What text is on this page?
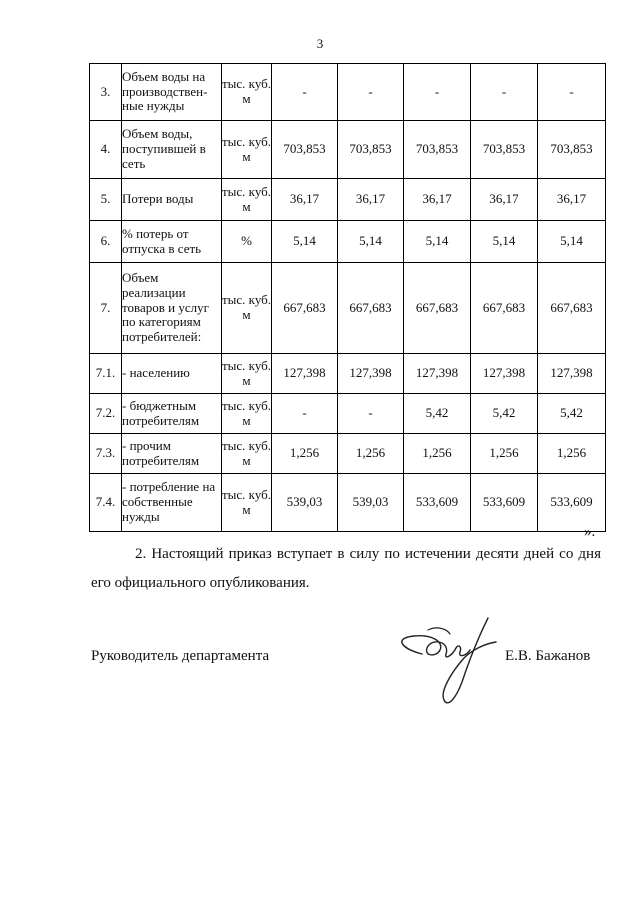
3
3.	Объем воды на производствен-ные нужды	тыс. куб. м	-	-	-	-	-
4.	Объем воды, поступившей в сеть	тыс. куб. м	703,853	703,853	703,853	703,853	703,853
5.	Потери воды	тыс. куб. м	36,17	36,17	36,17	36,17	36,17
6.	% потерь от отпуска в сеть	%	5,14	5,14	5,14	5,14	5,14
7.	Объем реализации товаров и услуг по категориям потребителей:	тыс. куб. м	667,683	667,683	667,683	667,683	667,683
7.1.	- населению	тыс. куб. м	127,398	127,398	127,398	127,398	127,398
7.2.	- бюджетным потребителям	тыс. куб. м	-	-	5,42	5,42	5,42
7.3.	- прочим потребителям	тыс. куб. м	1,256	1,256	1,256	1,256	1,256
7.4.	- потребление на собственные нужды	тыс. куб. м	539,03	539,03	533,609	533,609	533,609
».
2. Настоящий приказ вступает в силу по истечении десяти дней со дня его официального опубликования.
Руководитель департамента	Е.В. Бажанов
